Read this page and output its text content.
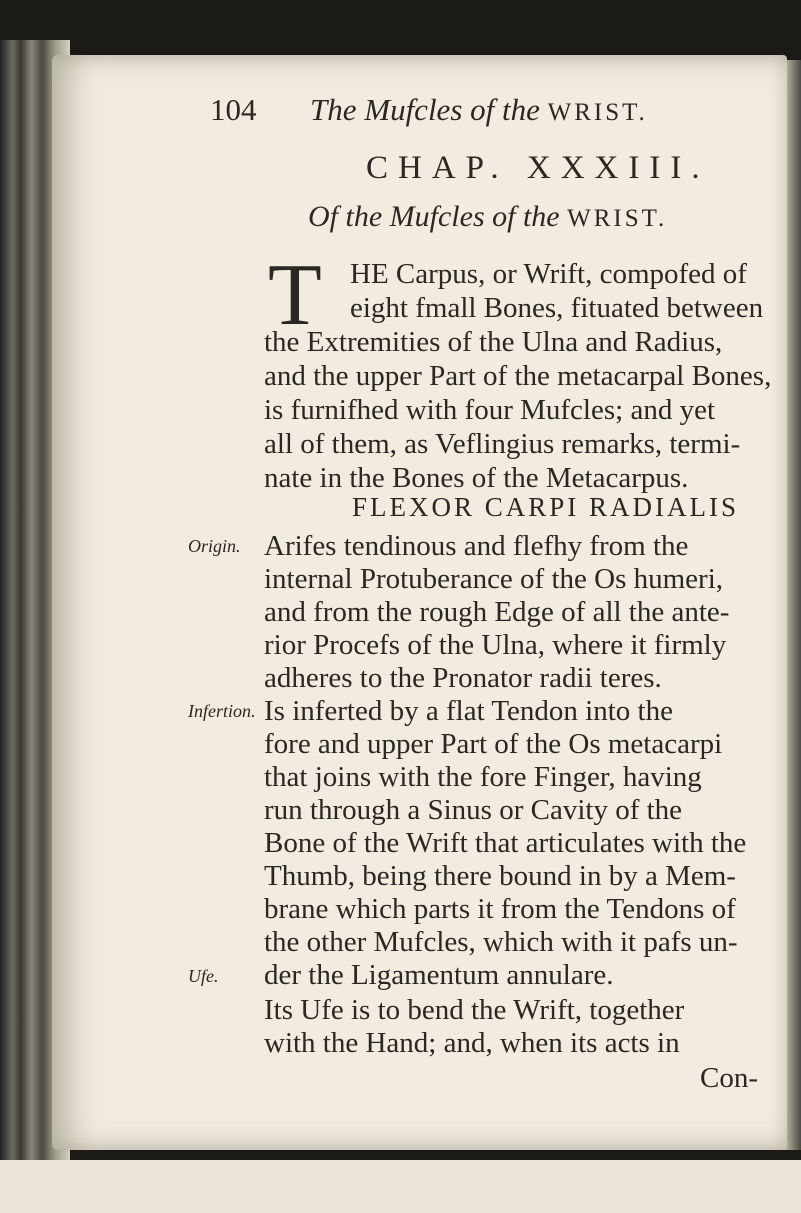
104 The Mufcles of the WRIST.
CHAP. XXXIII.
Of the Mufcles of the WRIST.
T HE Carpus, or Wrift, compofed of
eight fmall Bones, fituated between
the Extremities of the Ulna and Radius,
and the upper Part of the metacarpal Bones,
is furnifhed with four Mufcles; and yet
all of them, as Veflingius remarks, termi-
nate in the Bones of the Metacarpus.
FLEXOR CARPI RADIALIS
Origin.
Infertion.
Ufe.
Arifes tendinous and flefhy from the
internal Protuberance of the Os humeri,
and from the rough Edge of all the ante-
rior Procefs of the Ulna, where it firmly
adheres to the Pronator radii teres.
Is inferted by a flat Tendon into the
fore and upper Part of the Os metacarpi
that joins with the fore Finger, having
run through a Sinus or Cavity of the
Bone of the Wrift that articulates with the
Thumb, being there bound in by a Mem-
brane which parts it from the Tendons of
the other Mufcles, which with it pafs un-
der the Ligamentum annulare.
Its Ufe is to bend the Wrift, together
with the Hand; and, when its acts in
Con-
